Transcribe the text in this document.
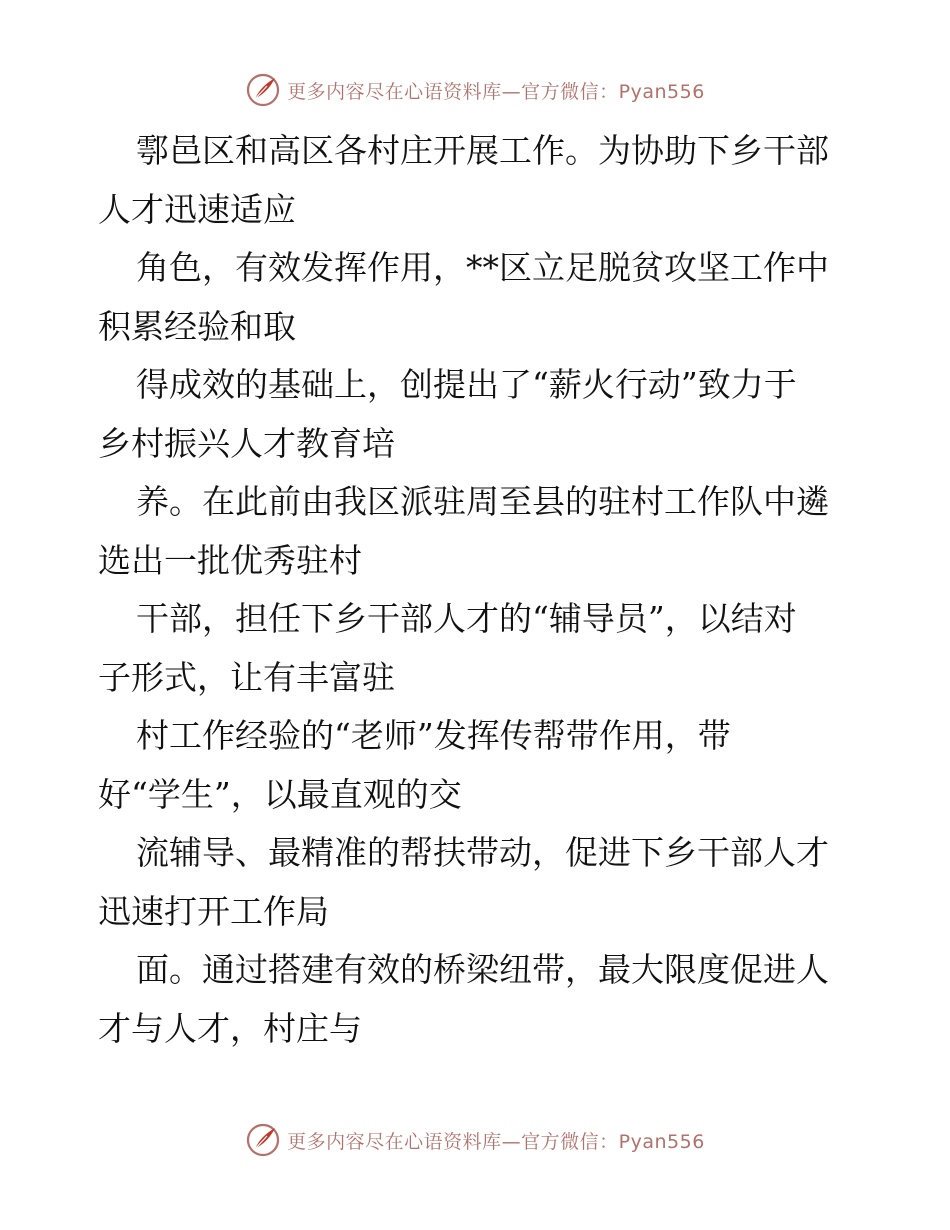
更多内容尽在心语资料库—官方微信：Pyan556
鄠邑区和高区各村庄开展工作。为协助下乡干部
人才迅速适应
角色，有效发挥作用，**区立足脱贫攻坚工作中
积累经验和取
得成效的基础上，创提出了“薪火行动”致力于
乡村振兴人才教育培
养。在此前由我区派驻周至县的驻村工作队中遴
选出一批优秀驻村
干部，担任下乡干部人才的“辅导员”，以结对
子形式，让有丰富驻
村工作经验的“老师”发挥传帮带作用，带
好“学生”，以最直观的交
流辅导、最精准的帮扶带动，促进下乡干部人才
迅速打开工作局
面。通过搭建有效的桥梁纽带，最大限度促进人
才与人才，村庄与
更多内容尽在心语资料库—官方微信：Pyan556
